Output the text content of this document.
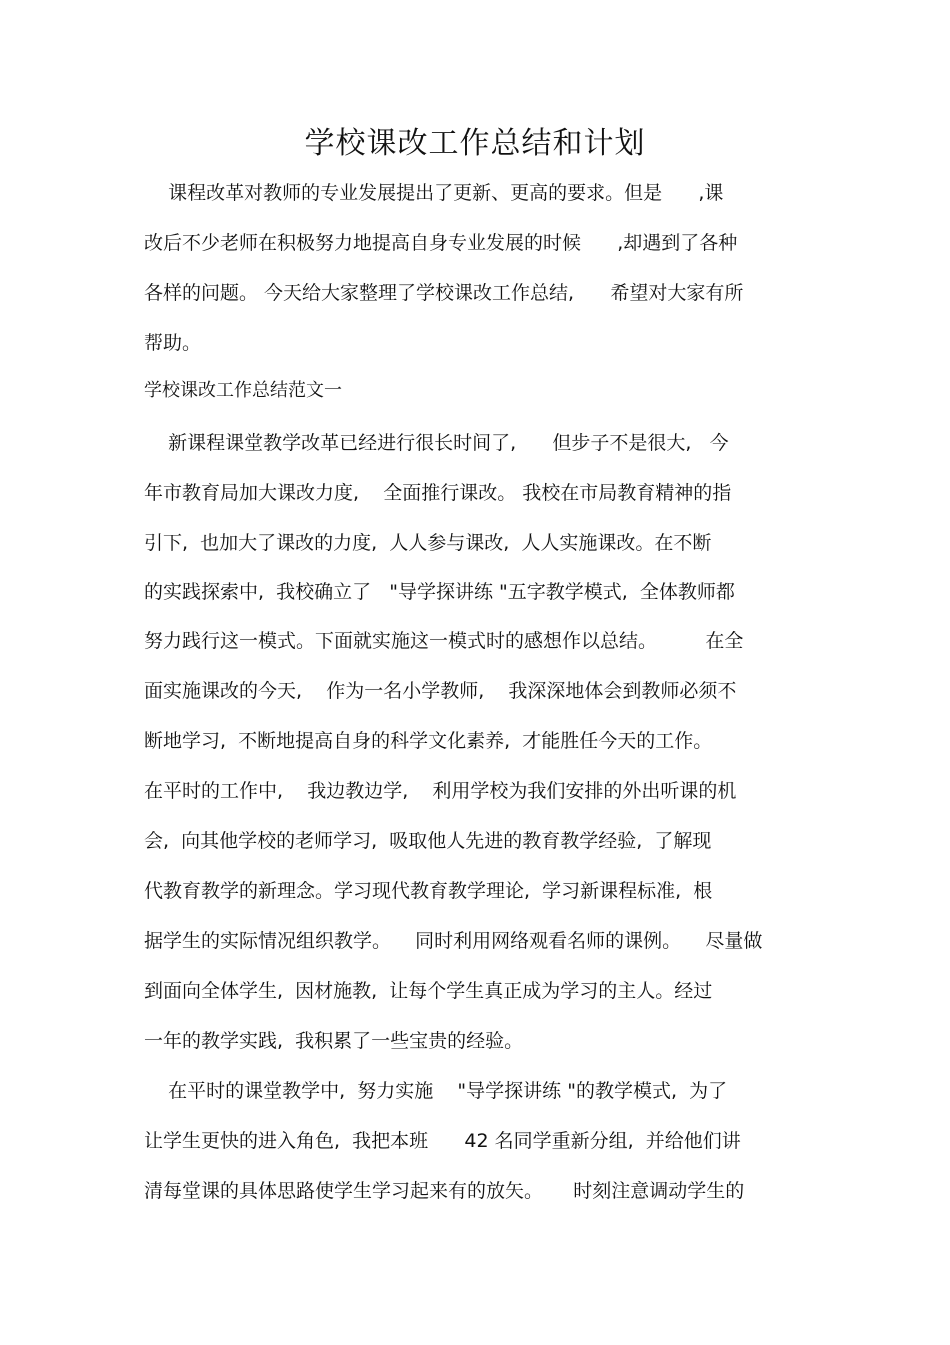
学校课改工作总结和计划

课程改革对教师的专业发展提出了更新、更高的要求。但是      ,课

改后不少老师在积极努力地提高自身专业发展的时候      ,却遇到了各种

各样的问题。 今天给大家整理了学校课改工作总结,      希望对大家有所

帮助。

学校课改工作总结范文一

新课程课堂教学改革已经进行很长时间了,      但步子不是很大,   今

年市教育局加大课改力度,    全面推行课改。 我校在市局教育精神的指

引下,  也加大了课改的力度,  人人参与课改,  人人实施课改。在不断

的实践探索中,  我校确立了   "导学探讲练 "五字教学模式,  全体教师都

努力践行这一模式。下面就实施这一模式时的感想作以总结。        在全

面实施课改的今天,    作为一名小学教师,    我深深地体会到教师必须不

断地学习,  不断地提高自身的科学文化素养,  才能胜任今天的工作。

在平时的工作中,    我边教边学,    利用学校为我们安排的外出听课的机

会,  向其他学校的老师学习,  吸取他人先进的教育教学经验,  了解现

代教育教学的新理念。学习现代教育教学理论,  学习新课程标准,  根

据学生的实际情况组织教学。    同时利用网络观看名师的课例。    尽量做

到面向全体学生,  因材施教,  让每个学生真正成为学习的主人。经过

一年的教学实践,  我积累了一些宝贵的经验。

在平时的课堂教学中,  努力实施    "导学探讲练 "的教学模式,  为了

让学生更快的进入角色,  我把本班      42 名同学重新分组,  并给他们讲

清每堂课的具体思路使学生学习起来有的放矢。     时刻注意调动学生的
